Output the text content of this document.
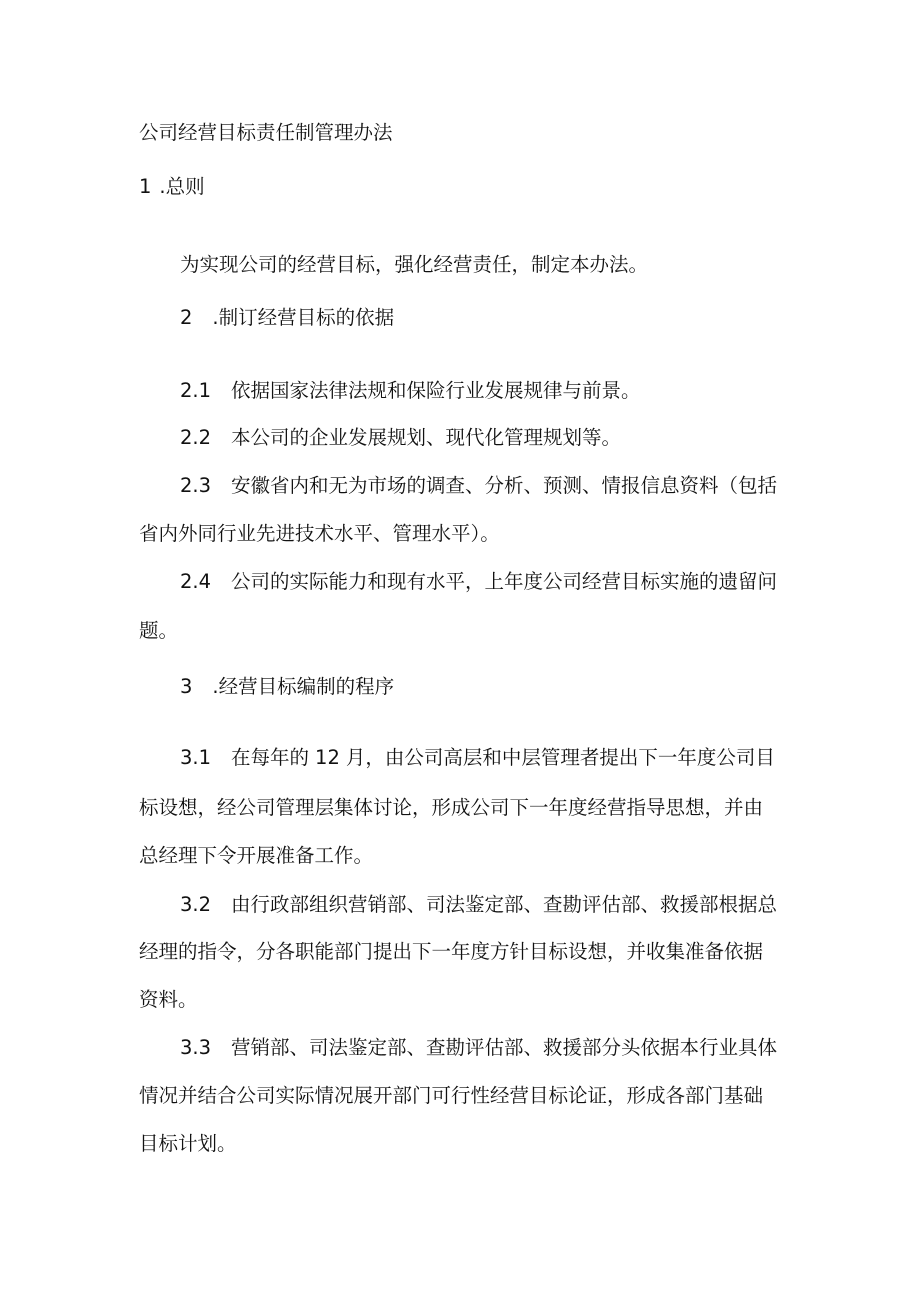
公司经营目标责任制管理办法
1 .总则
为实现公司的经营目标，强化经营责任，制定本办法。
2 .制订经营目标的依据
2.1 依据国家法律法规和保险行业发展规律与前景。
2.2 本公司的企业发展规划、现代化管理规划等。
2.3 安徽省内和无为市场的调查、分析、预测、情报信息资料（包括
省内外同行业先进技术水平、管理水平）。
2.4 公司的实际能力和现有水平，上年度公司经营目标实施的遗留问
题。
3 .经营目标编制的程序
3.1 在每年的 12 月，由公司高层和中层管理者提出下一年度公司目
标设想，经公司管理层集体讨论，形成公司下一年度经营指导思想，并由
总经理下令开展准备工作。
3.2 由行政部组织营销部、司法鉴定部、查勘评估部、救援部根据总
经理的指令，分各职能部门提出下一年度方针目标设想，并收集准备依据
资料。
3.3 营销部、司法鉴定部、查勘评估部、救援部分头依据本行业具体
情况并结合公司实际情况展开部门可行性经营目标论证，形成各部门基础
目标计划。
